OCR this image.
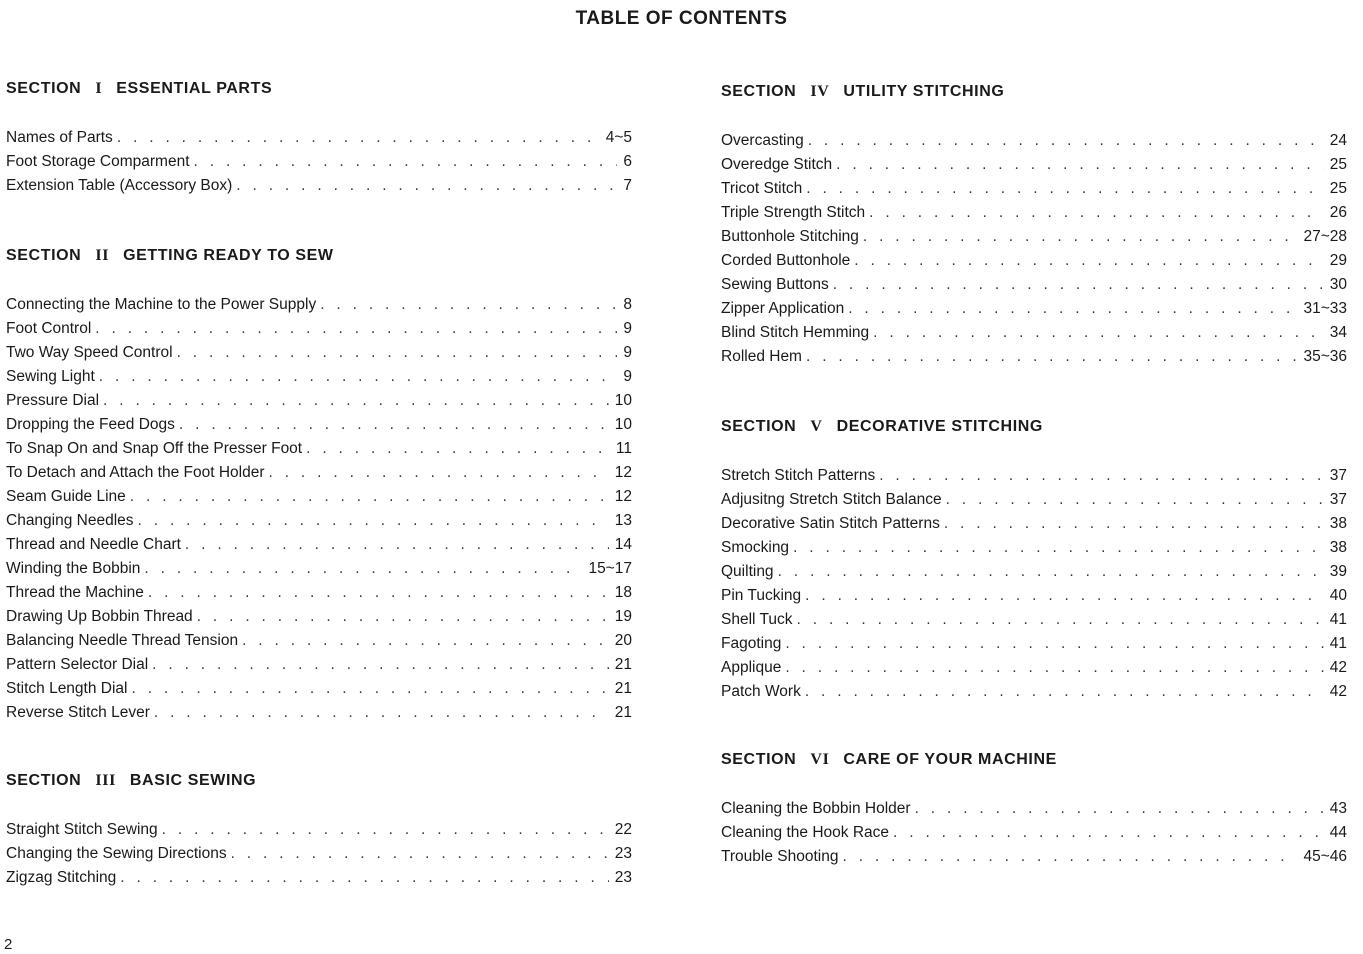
TABLE OF CONTENTS
SECTION I ESSENTIAL PARTS
Names of Parts . . .	4~5
Foot Storage Comparment . . .	6
Extension Table (Accessory Box) . . .	7
SECTION II GETTING READY TO SEW
Connecting the Machine to the Power Supply . . .	8
Foot Control . . .	9
Two Way Speed Control . . .	9
Sewing Light . . .	9
Pressure Dial . . .	10
Dropping the Feed Dogs . . .	10
To Snap On and Snap Off the Presser Foot . . .	11
To Detach and Attach the Foot Holder . . .	12
Seam Guide Line . . .	12
Changing Needles . . .	13
Thread and Needle Chart . . .	14
Winding the Bobbin . . .	15~17
Thread the Machine . . .	18
Drawing Up Bobbin Thread . . .	19
Balancing Needle Thread Tension . . .	20
Pattern Selector Dial . . .	21
Stitch Length Dial . . .	21
Reverse Stitch Lever . . .	21
SECTION III BASIC SEWING
Straight Stitch Sewing . . .	22
Changing the Sewing Directions . . .	23
Zigzag Stitching . . .	23
SECTION IV UTILITY STITCHING
Overcasting . . .	24
Overedge Stitch . . .	25
Tricot Stitch . . .	25
Triple Strength Stitch . . .	26
Buttonhole Stitching . . .	27~28
Corded Buttonhole . . .	29
Sewing Buttons . . .	30
Zipper Application . . .	31~33
Blind Stitch Hemming . . .	34
Rolled Hem . . .	35~36
SECTION V DECORATIVE STITCHING
Stretch Stitch Patterns . . .	37
Adjusitng Stretch Stitch Balance . . .	37
Decorative Satin Stitch Patterns . . .	38
Smocking . . .	38
Quilting . . .	39
Pin Tucking . . .	40
Shell Tuck . . .	41
Fagoting . . .	41
Applique . . .	42
Patch Work . . .	42
SECTION VI CARE OF YOUR MACHINE
Cleaning the Bobbin Holder . . .	43
Cleaning the Hook Race . . .	44
Trouble Shooting . . .	45~46
2
